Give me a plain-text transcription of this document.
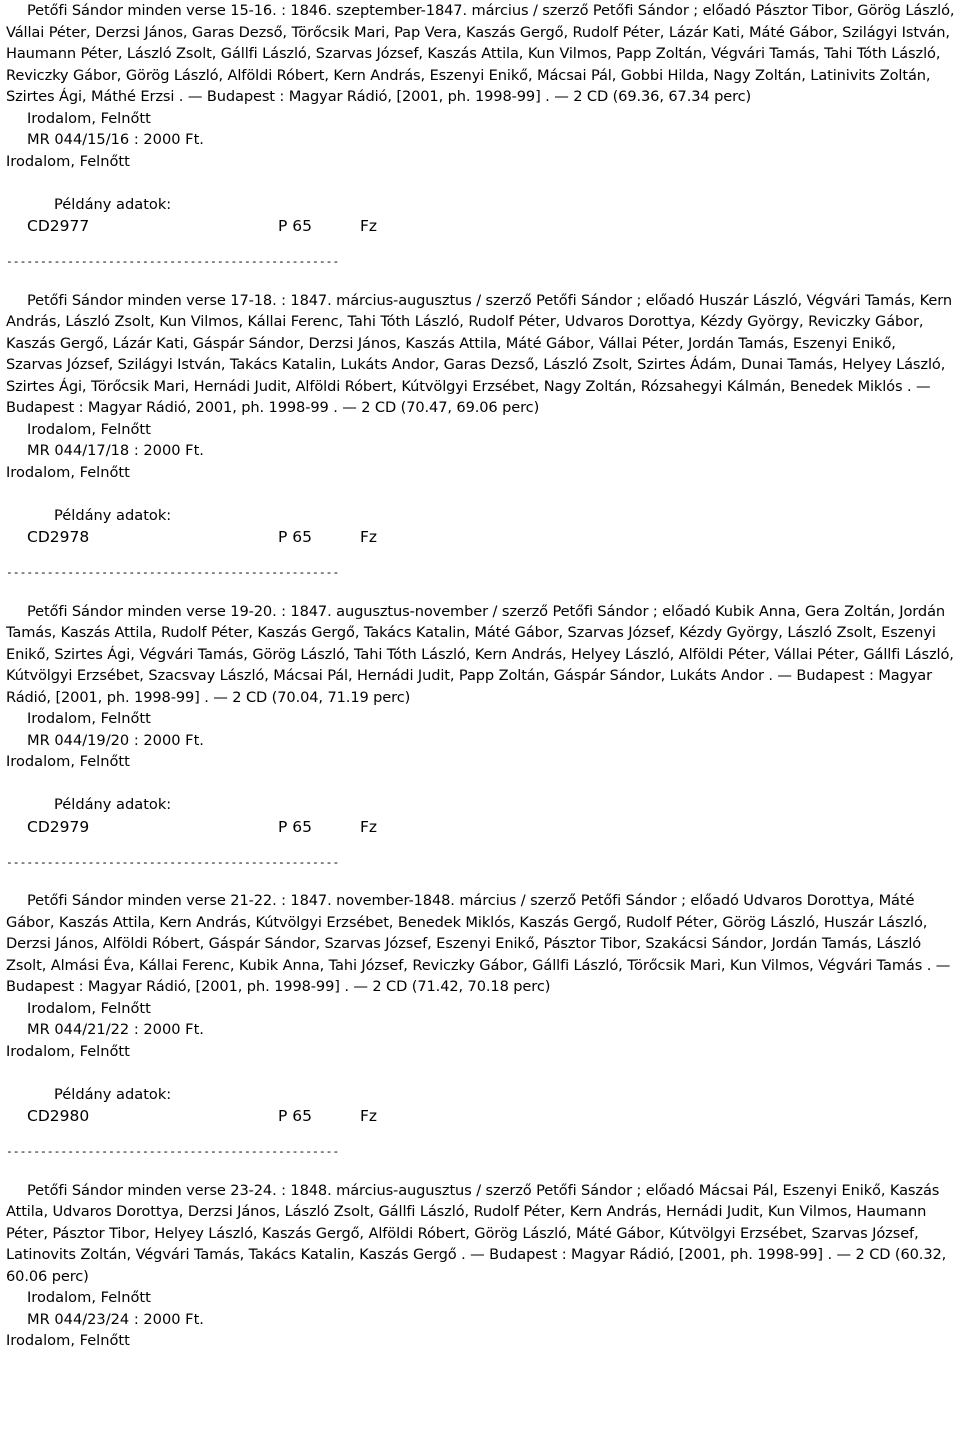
Petőfi Sándor minden verse 15-16. : 1846. szeptember-1847. március / szerző Petőfi Sándor ; előadó Pásztor Tibor, Görög László, Vállai Péter, Derzsi János, Garas Dezső, Törőcsik Mari, Pap Vera, Kaszás Gergő, Rudolf Péter, Lázár Kati, Máté Gábor, Szilágyi István, Haumann Péter, László Zsolt, Gállfi László, Szarvas József, Kaszás Attila, Kun Vilmos, Papp Zoltán, Végvári Tamás, Tahi Tóth László, Reviczky Gábor, Görög László, Alföldi Róbert, Kern András, Eszenyi Enikő, Mácsai Pál, Gobbi Hilda, Nagy Zoltán, Latinivits Zoltán, Szirtes Ági, Máthé Erzsi . — Budapest : Magyar Rádió, [2001, ph. 1998-99] . — 2 CD (69.36, 67.34 perc)

Irodalom, Felnőtt
MR 044/15/16 : 2000 Ft.
Irodalom, Felnőtt
Példány adatok:
CD2977	P 65	Fz
-------------------------------------------------

Petőfi Sándor minden verse 17-18. : 1847. március-augusztus / szerző Petőfi Sándor ; előadó Huszár László, Végvári Tamás, Kern András, László Zsolt, Kun Vilmos, Kállai Ferenc, Tahi Tóth László, Rudolf Péter, Udvaros Dorottya, Kézdy György, Reviczky Gábor, Kaszás Gergő, Lázár Kati, Gáspár Sándor, Derzsi János, Kaszás Attila, Máté Gábor, Vállai Péter, Jordán Tamás, Eszenyi Enikő, Szarvas József, Szilágyi István, Takács Katalin, Lukáts Andor, Garas Dezső, László Zsolt, Szirtes Ádám, Dunai Tamás, Helyey László, Szirtes Ági, Törőcsik Mari, Hernádi Judit, Alföldi Róbert, Kútvölgyi Erzsébet, Nagy Zoltán, Rózsahegyi Kálmán, Benedek Miklós . — Budapest : Magyar Rádió, 2001, ph. 1998-99 . — 2 CD (70.47, 69.06 perc)

Irodalom, Felnőtt
MR 044/17/18 : 2000 Ft.
Irodalom, Felnőtt
Példány adatok:
CD2978	P 65	Fz
-------------------------------------------------

Petőfi Sándor minden verse 19-20. : 1847. augusztus-november / szerző Petőfi Sándor ; előadó Kubik Anna, Gera Zoltán, Jordán Tamás, Kaszás Attila, Rudolf Péter, Kaszás Gergő, Takács Katalin, Máté Gábor, Szarvas József, Kézdy György, László Zsolt, Eszenyi Enikő, Szirtes Ági, Végvári Tamás, Görög László, Tahi Tóth László, Kern András, Helyey László, Alföldi Péter, Vállai Péter, Gállfi László, Kútvölgyi Erzsébet, Szacsvay László, Mácsai Pál, Hernádi Judit, Papp Zoltán, Gáspár Sándor, Lukáts Andor . — Budapest : Magyar Rádió, [2001, ph. 1998-99] . — 2 CD (70.04, 71.19 perc)

Irodalom, Felnőtt
MR 044/19/20 : 2000 Ft.
Irodalom, Felnőtt
Példány adatok:
CD2979	P 65	Fz
-------------------------------------------------

Petőfi Sándor minden verse 21-22. : 1847. november-1848. március / szerző Petőfi Sándor ; előadó Udvaros Dorottya, Máté Gábor, Kaszás Attila, Kern András, Kútvölgyi Erzsébet, Benedek Miklós, Kaszás Gergő, Rudolf Péter, Görög László, Huszár László, Derzsi János, Alföldi Róbert, Gáspár Sándor, Szarvas József, Eszenyi Enikő, Pásztor Tibor, Szakácsi Sándor, Jordán Tamás, László Zsolt, Almási Éva, Kállai Ferenc, Kubik Anna, Tahi József, Reviczky Gábor, Gállfi László, Törőcsik Mari, Kun Vilmos, Végvári Tamás . — Budapest : Magyar Rádió, [2001, ph. 1998-99] . — 2 CD (71.42, 70.18 perc)

Irodalom, Felnőtt
MR 044/21/22 : 2000 Ft.
Irodalom, Felnőtt
Példány adatok:
CD2980	P 65	Fz
-------------------------------------------------

Petőfi Sándor minden verse 23-24. : 1848. március-augusztus / szerző Petőfi Sándor ; előadó Mácsai Pál, Eszenyi Enikő, Kaszás Attila, Udvaros Dorottya, Derzsi János, László Zsolt, Gállfi László, Rudolf Péter, Kern András, Hernádi Judit, Kun Vilmos, Haumann Péter, Pásztor Tibor, Helyey László, Kaszás Gergő, Alföldi Róbert, Görög László, Máté Gábor, Kútvölgyi Erzsébet, Szarvas József, Latinovits Zoltán, Végvári Tamás, Takács Katalin, Kaszás Gergő . — Budapest : Magyar Rádió, [2001, ph. 1998-99] . — 2 CD (60.32, 60.06 perc)

Irodalom, Felnőtt
MR 044/23/24 : 2000 Ft.
Irodalom, Felnőtt
